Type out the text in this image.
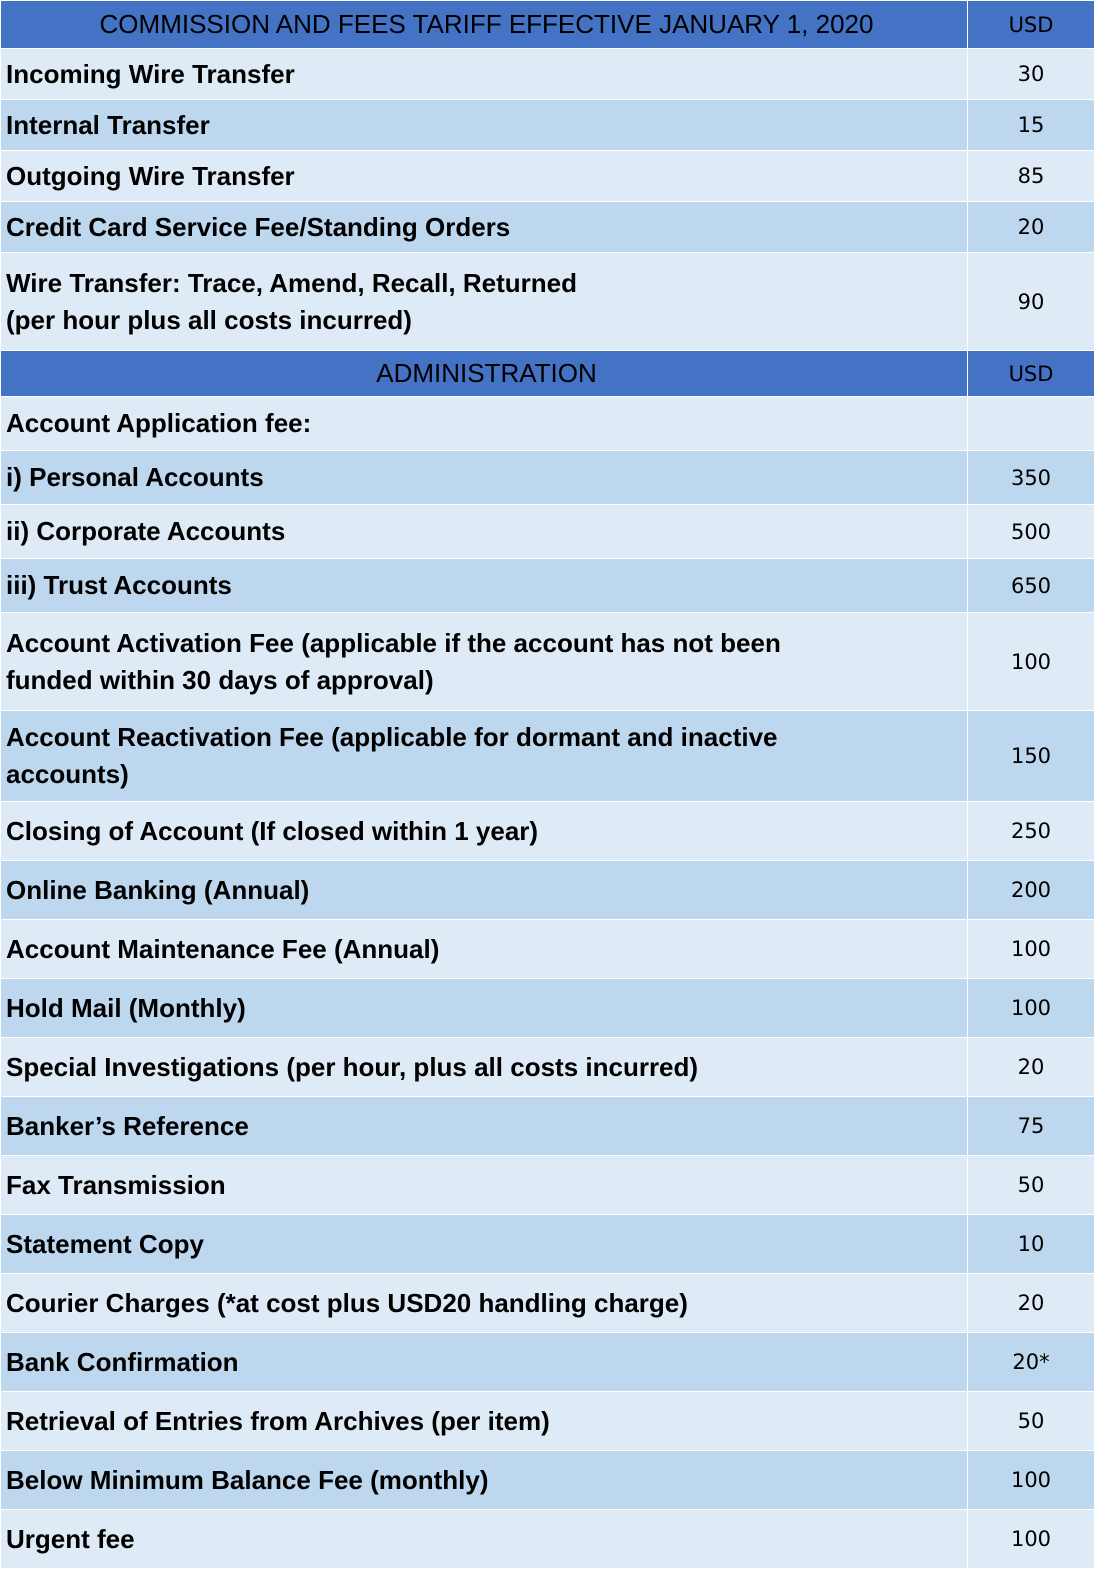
COMMISSION AND FEES TARIFF EFFECTIVE JANUARY 1, 2020	USD
Incoming Wire Transfer	30
Internal Transfer	15
Outgoing Wire Transfer	85
Credit Card Service Fee/Standing Orders	20
Wire Transfer: Trace, Amend, Recall, Returned
(per hour plus all costs incurred)	90
ADMINISTRATION	USD
Account Application fee:	
i) Personal Accounts	350
ii) Corporate Accounts	500
iii) Trust Accounts	650
Account Activation Fee (applicable if the account has not been
funded within 30 days of approval)	100
Account Reactivation Fee (applicable for dormant and inactive
accounts)	150
Closing of Account (If closed within 1 year)	250
Online Banking (Annual)	200
Account Maintenance Fee (Annual)	100
Hold Mail (Monthly)	100
Special Investigations (per hour, plus all costs incurred)	20
Banker’s Reference	75
Fax Transmission	50
Statement Copy	10
Courier Charges (*at cost plus USD20 handling charge)	20
Bank Confirmation	20*
Retrieval of Entries from Archives (per item)	50
Below Minimum Balance Fee (monthly)	100
Urgent fee	100
